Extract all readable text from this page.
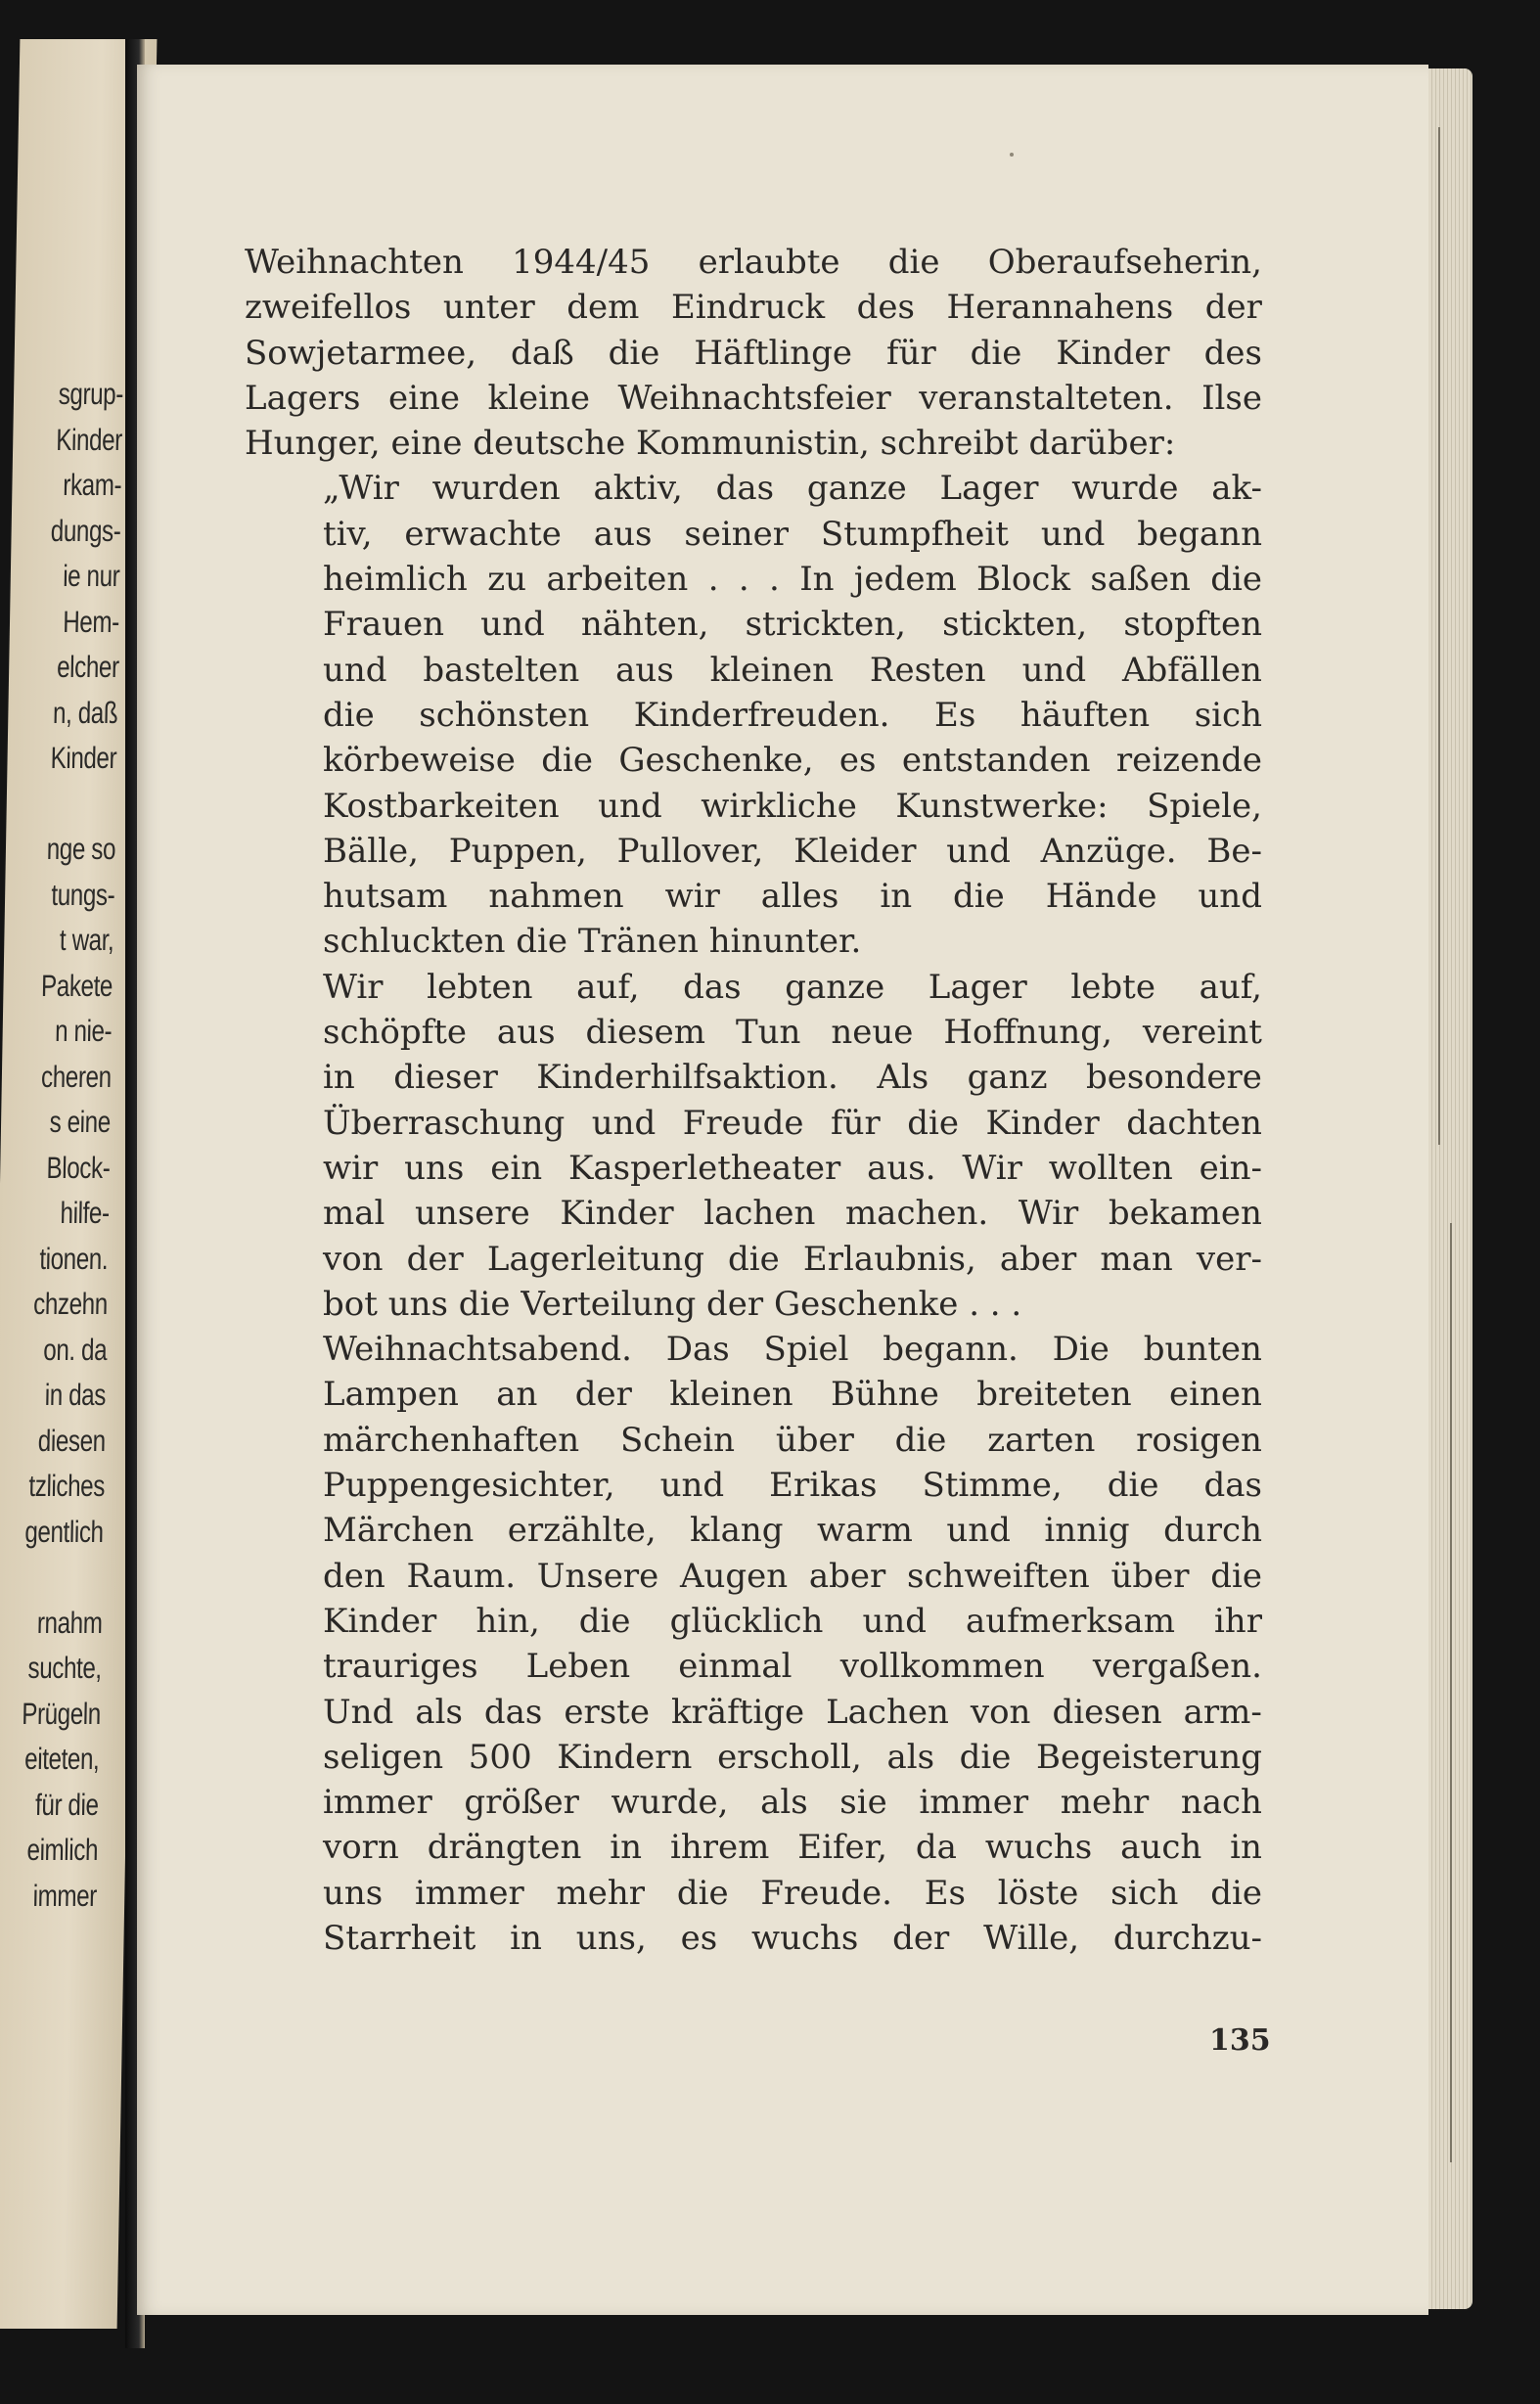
sgrup-
Kinder
rkam-
dungs-
ie nur
Hem-
elcher
n, daß
Kinder
nge so
tungs-
t war,
Pakete
n nie-
cheren
s eine
Block-
hilfe-
tionen.
chzehn
on. da
in das
diesen
tzliches
gentlich
rnahm
suchte,
Prügeln
eiteten,
für die
eimlich
immer
Weihnachten 1944/45 erlaubte die Oberaufseherin,
zweifellos unter dem Eindruck des Herannahens der
Sowjetarmee, daß die Häftlinge für die Kinder des
Lagers eine kleine Weihnachtsfeier veranstalteten. Ilse
Hunger, eine deutsche Kommunistin, schreibt darüber:
„Wir wurden aktiv, das ganze Lager wurde ak-
tiv, erwachte aus seiner Stumpfheit und begann
heimlich zu arbeiten . . . In jedem Block saßen die
Frauen und nähten, strickten, stickten, stopften
und bastelten aus kleinen Resten und Abfällen
die schönsten Kinderfreuden. Es häuften sich
körbeweise die Geschenke, es entstanden reizende
Kostbarkeiten und wirkliche Kunstwerke: Spiele,
Bälle, Puppen, Pullover, Kleider und Anzüge. Be-
hutsam nahmen wir alles in die Hände und
schluckten die Tränen hinunter.
Wir lebten auf, das ganze Lager lebte auf,
schöpfte aus diesem Tun neue Hoffnung, vereint
in dieser Kinderhilfsaktion. Als ganz besondere
Überraschung und Freude für die Kinder dachten
wir uns ein Kasperletheater aus. Wir wollten ein-
mal unsere Kinder lachen machen. Wir bekamen
von der Lagerleitung die Erlaubnis, aber man ver-
bot uns die Verteilung der Geschenke . . .
Weihnachtsabend. Das Spiel begann. Die bunten
Lampen an der kleinen Bühne breiteten einen
märchenhaften Schein über die zarten rosigen
Puppengesichter, und Erikas Stimme, die das
Märchen erzählte, klang warm und innig durch
den Raum. Unsere Augen aber schweiften über die
Kinder hin, die glücklich und aufmerksam ihr
trauriges Leben einmal vollkommen vergaßen.
Und als das erste kräftige Lachen von diesen arm-
seligen 500 Kindern erscholl, als die Begeisterung
immer größer wurde, als sie immer mehr nach
vorn drängten in ihrem Eifer, da wuchs auch in
uns immer mehr die Freude. Es löste sich die
Starrheit in uns, es wuchs der Wille, durchzu-
135
